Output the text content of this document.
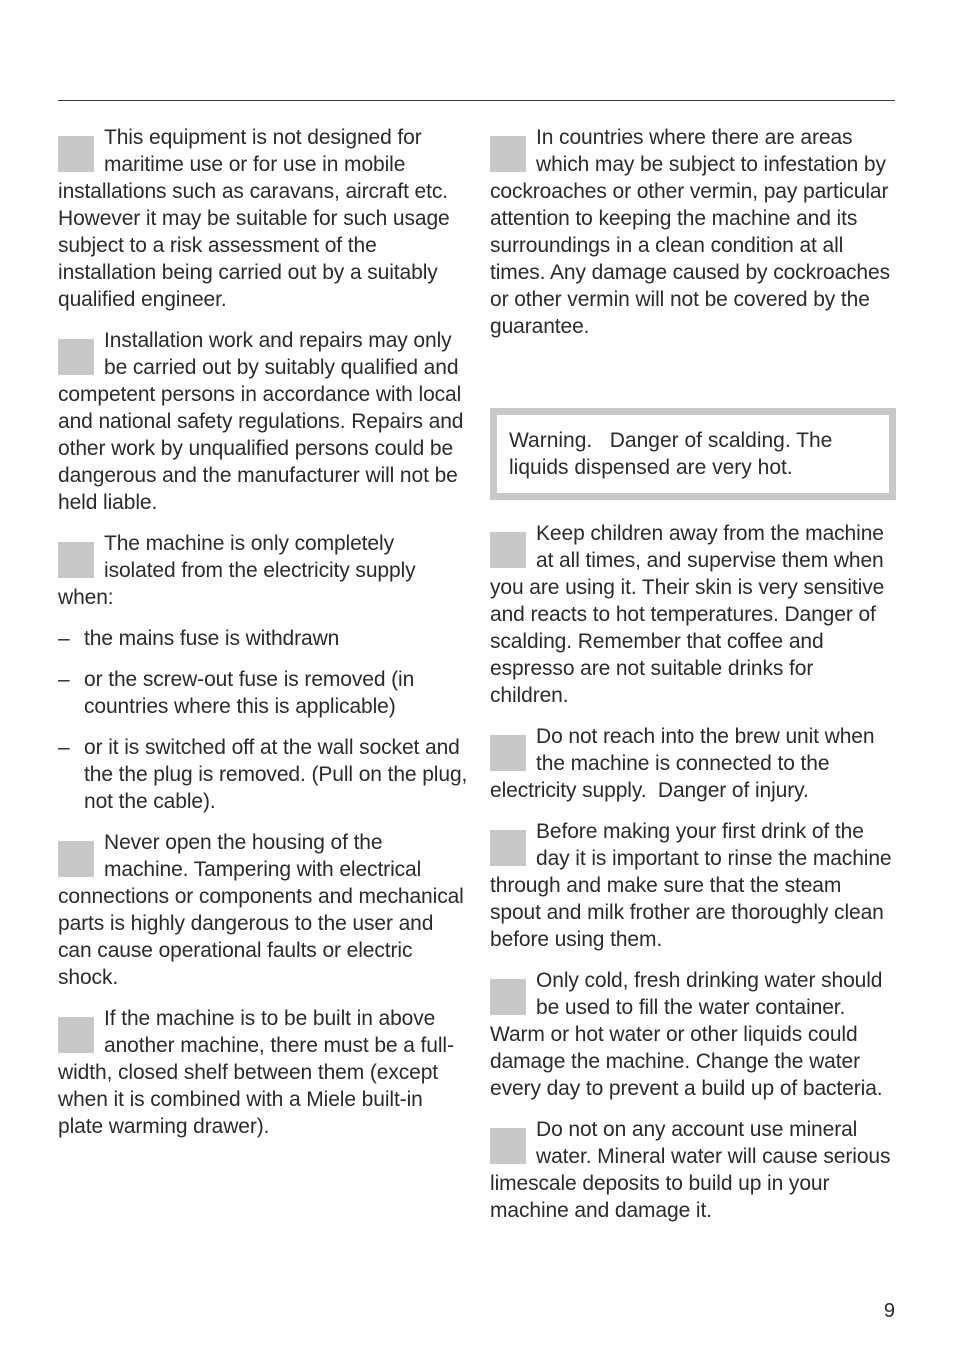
This equipment is not designed for maritime use or for use in mobile installations such as caravans, aircraft etc. However it may be suitable for such usage subject to a risk assessment of the installation being carried out by a suitably qualified engineer.

Installation work and repairs may only be carried out by suitably qualified and competent persons in accordance with local and national safety regulations. Repairs and other work by unqualified persons could be dangerous and the manufacturer will not be held liable.

The machine is only completely isolated from the electricity supply when:

– the mains fuse is withdrawn
– or the screw-out fuse is removed (in countries where this is applicable)
– or it is switched off at the wall socket and the the plug is removed. (Pull on the plug, not the cable).

Never open the housing of the machine. Tampering with electrical connections or components and mechanical parts is highly dangerous to the user and can cause operational faults or electric shock.

If the machine is to be built in above another machine, there must be a full-width, closed shelf between them (except when it is combined with a Miele built-in plate warming drawer).

In countries where there are areas which may be subject to infestation by cockroaches or other vermin, pay particular attention to keeping the machine and its surroundings in a clean condition at all times. Any damage caused by cockroaches or other vermin will not be covered by the guarantee.

Warning.   Danger of scalding. The liquids dispensed are very hot.

Keep children away from the machine at all times, and supervise them when you are using it. Their skin is very sensitive and reacts to hot temperatures. Danger of scalding. Remember that coffee and espresso are not suitable drinks for children.

Do not reach into the brew unit when the machine is connected to the electricity supply.  Danger of injury.

Before making your first drink of the day it is important to rinse the machine through and make sure that the steam spout and milk frother are thoroughly clean before using them.

Only cold, fresh drinking water should be used to fill the water container. Warm or hot water or other liquids could damage the machine. Change the water every day to prevent a build up of bacteria.

Do not on any account use mineral water. Mineral water will cause serious limescale deposits to build up in your machine and damage it.

9
